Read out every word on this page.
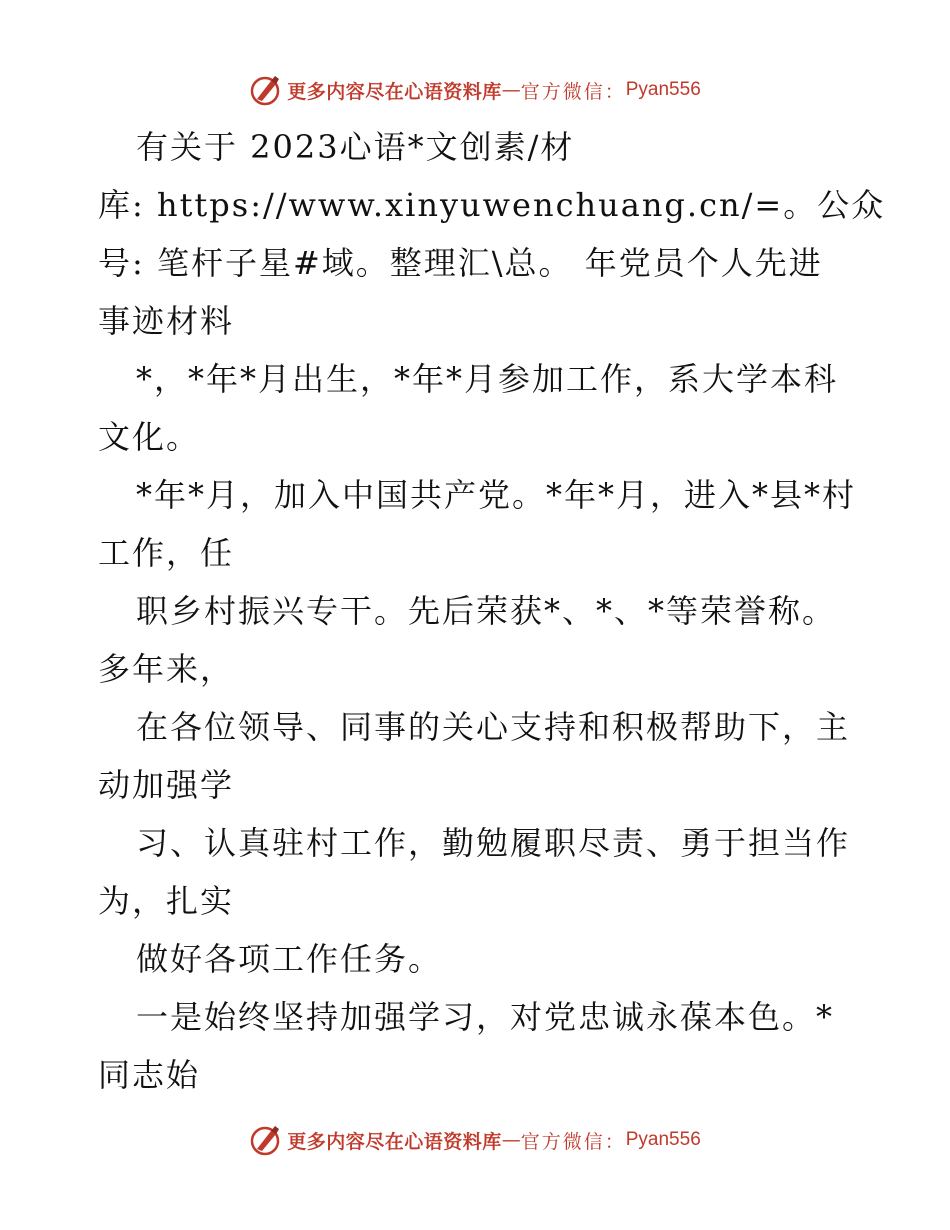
更多内容尽在心语资料库 — 官方微信： Pyan556
有关于 2023心语*文创素/材
库: https://www.xinyuwenchuang.cn/=。公众
号: 笔杆子星#域。整理汇\总。 年党员个人先进
事迹材料
*，*年*月出生，*年*月参加工作，系大学本科
文化。
*年*月，加入中国共产党。*年*月，进入*县*村
工作，任
职乡村振兴专干。先后荣获*、*、*等荣誉称。
多年来，
在各位领导、同事的关心支持和积极帮助下，主
动加强学
习、认真驻村工作，勤勉履职尽责、勇于担当作
为，扎实
做好各项工作任务。
一是始终坚持加强学习，对党忠诚永葆本色。*
同志始
更多内容尽在心语资料库 — 官方微信： Pyan556
